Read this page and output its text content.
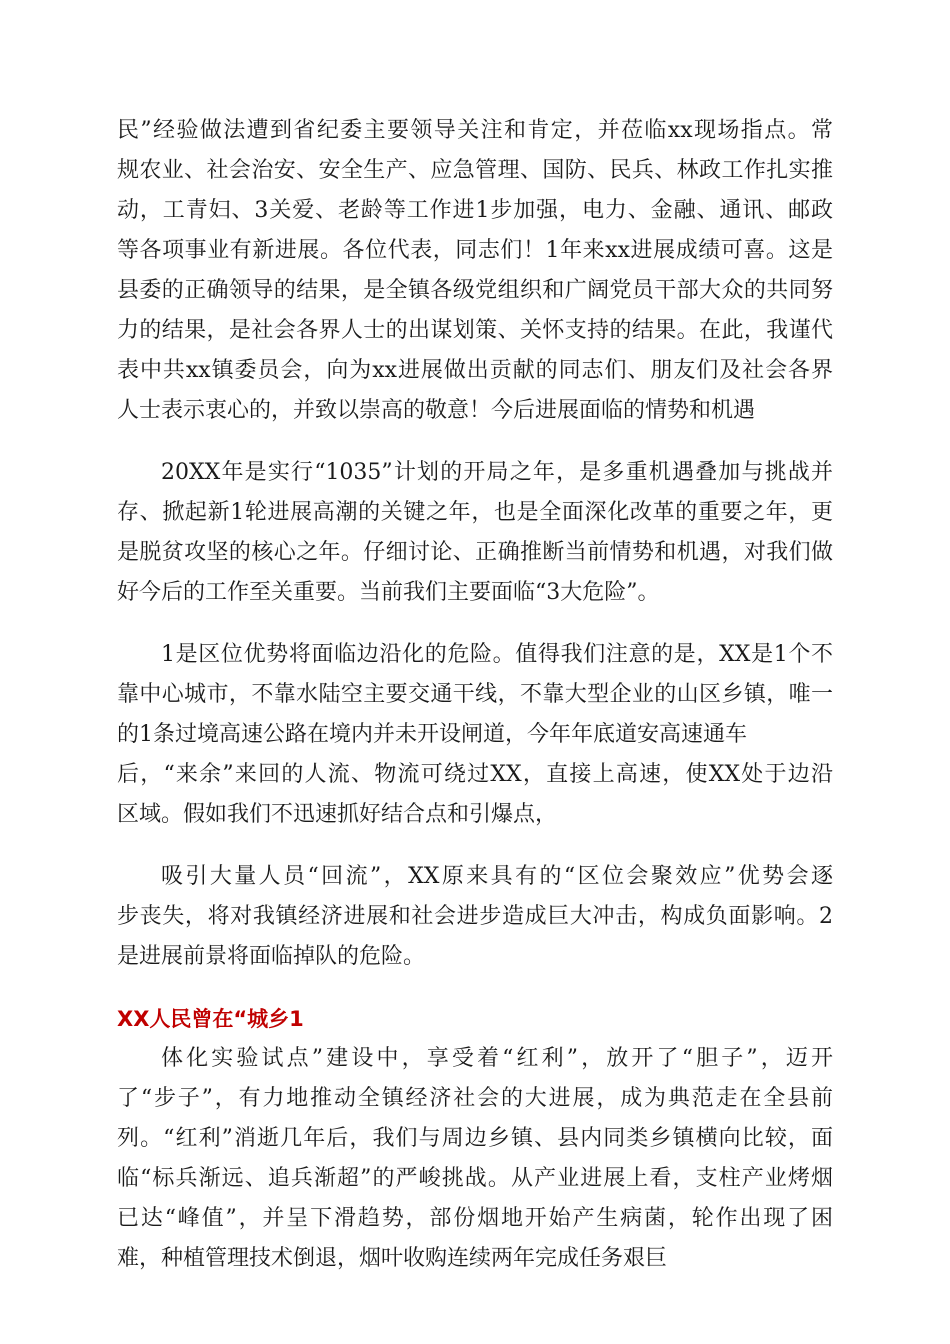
民”经验做法遭到省纪委主要领导关注和肯定，并莅临xx现场指点。常
规农业、社会治安、安全生产、应急管理、国防、民兵、林政工作扎实推
动，工青妇、3关爱、老龄等工作进1步加强，电力、金融、通讯、邮政
等各项事业有新进展。各位代表，同志们！1年来xx进展成绩可喜。这是
县委的正确领导的结果，是全镇各级党组织和广阔党员干部大众的共同努
力的结果，是社会各界人士的出谋划策、关怀支持的结果。在此，我谨代
表中共xx镇委员会，向为xx进展做出贡献的同志们、朋友们及社会各界
人士表示衷心的，并致以崇高的敬意！今后进展面临的情势和机遇
20XX年是实行“1035”计划的开局之年，是多重机遇叠加与挑战并
存、掀起新1轮进展高潮的关键之年，也是全面深化改革的重要之年，更
是脱贫攻坚的核心之年。仔细讨论、正确推断当前情势和机遇，对我们做
好今后的工作至关重要。当前我们主要面临“3大危险”。
1是区位优势将面临边沿化的危险。值得我们注意的是，XX是1个不
靠中心城市，不靠水陆空主要交通干线，不靠大型企业的山区乡镇，唯一
的1条过境高速公路在境内并未开设闸道，今年年底道安高速通车
后，“来余”来回的人流、物流可绕过XX，直接上高速，使XX处于边沿
区域。假如我们不迅速抓好结合点和引爆点，
吸引大量人员“回流”，XX原来具有的“区位会聚效应”优势会逐
步丧失，将对我镇经济进展和社会进步造成巨大冲击，构成负面影响。2
是进展前景将面临掉队的危险。
XX人民曾在“城乡1
体化实验试点”建设中，享受着“红利”，放开了“胆子”，迈开
了“步子”，有力地推动全镇经济社会的大进展，成为典范走在全县前
列。“红利”消逝几年后，我们与周边乡镇、县内同类乡镇横向比较，面
临“标兵渐远、追兵渐超”的严峻挑战。从产业进展上看，支柱产业烤烟
已达“峰值”，并呈下滑趋势，部份烟地开始产生病菌，轮作出现了困
难，种植管理技术倒退，烟叶收购连续两年完成任务艰巨
